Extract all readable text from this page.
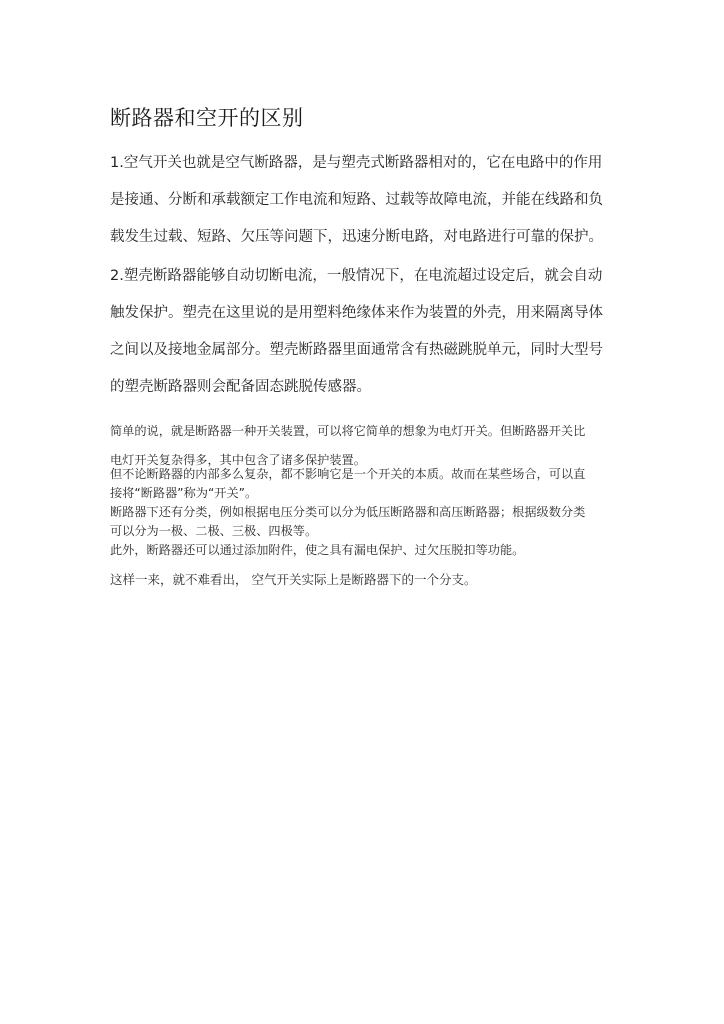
断路器和空开的区别
1.空气开关也就是空气断路器，是与塑壳式断路器相对的，它在电路中的作用
是接通、分断和承载额定工作电流和短路、过载等故障电流，并能在线路和负
载发生过载、短路、欠压等问题下，迅速分断电路，对电路进行可靠的保护。
2.塑壳断路器能够自动切断电流，一般情况下，在电流超过设定后，就会自动
触发保护。塑壳在这里说的是用塑料绝缘体来作为装置的外壳，用来隔离导体
之间以及接地金属部分。塑壳断路器里面通常含有热磁跳脱单元，同时大型号
的塑壳断路器则会配备固态跳脱传感器。
简单的说，就是断路器一种开关装置，可以将它简单的想象为电灯开关。但断路器开关比
电灯开关复杂得多，其中包含了诸多保护装置。
但不论断路器的内部多么复杂，都不影响它是一个开关的本质。故而在某些场合，可以直
接将“断路器”称为“开关”。
断路器下还有分类，例如根据电压分类可以分为低压断路器和高压断路器；根据级数分类
可以分为一极、二极、三极、四极等。
此外，断路器还可以通过添加附件，使之具有漏电保护、过欠压脱扣等功能。
这样一来，就不难看出， 空气开关实际上是断路器下的一个分支。
